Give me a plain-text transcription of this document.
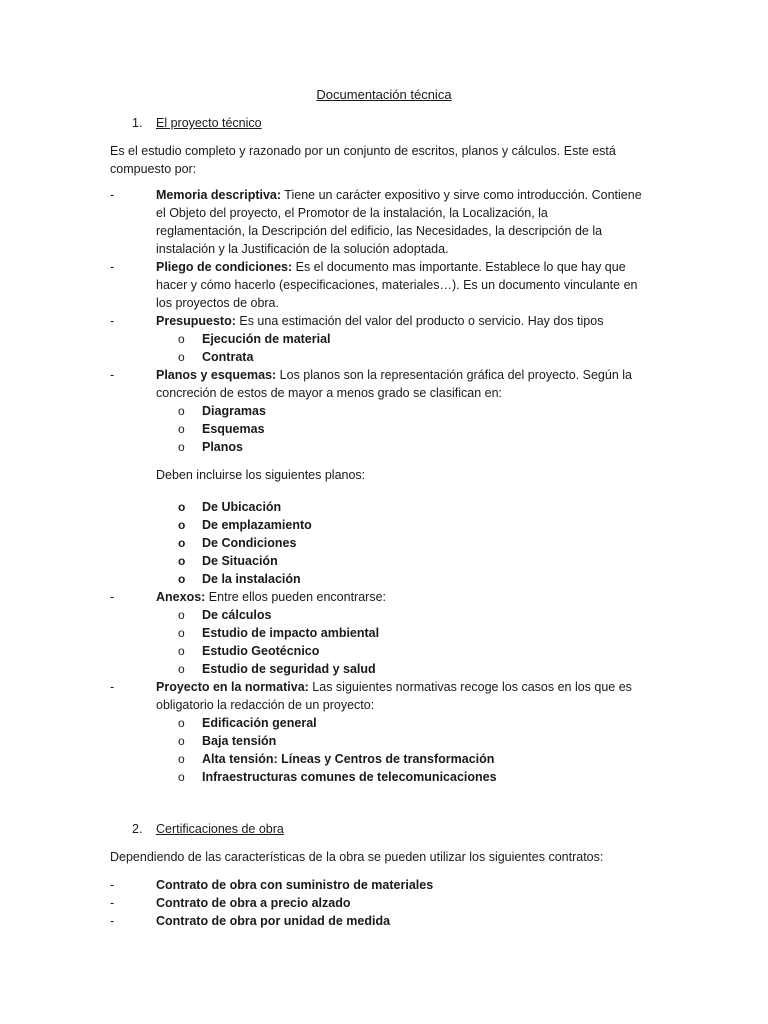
Documentación técnica
1.	El proyecto técnico
Es el estudio completo y razonado por un conjunto de escritos, planos y cálculos. Este está
compuesto por:
-	Memoria descriptiva: Tiene un carácter expositivo y sirve como introducción. Contiene
el Objeto del proyecto, el Promotor de la instalación, la Localización, la
reglamentación, la Descripción del edificio, las Necesidades, la descripción de la
instalación y la Justificación de la solución adoptada.
-	Pliego de condiciones: Es el documento mas importante. Establece lo que hay que
hacer y cómo hacerlo (especificaciones, materiales…). Es un documento vinculante en
los proyectos de obra.
-	Presupuesto: Es una estimación del valor del producto o servicio. Hay dos tipos
o	Ejecución de material
o	Contrata
-	Planos y esquemas: Los planos son la representación gráfica del proyecto. Según la
concreción de estos de mayor a menos grado se clasifican en:
o	Diagramas
o	Esquemas
o	Planos
Deben incluirse los siguientes planos:
o	De Ubicación
o	De emplazamiento
o	De Condiciones
o	De Situación
o	De la instalación
-	Anexos: Entre ellos pueden encontrarse:
o	De cálculos
o	Estudio de impacto ambiental
o	Estudio Geotécnico
o	Estudio de seguridad y salud
-	Proyecto en la normativa: Las siguientes normativas recoge los casos en los que es
obligatorio la redacción de un proyecto:
o	Edificación general
o	Baja tensión
o	Alta tensión: Líneas y Centros de transformación
o	Infraestructuras comunes de telecomunicaciones
2.	Certificaciones de obra
Dependiendo de las características de la obra se pueden utilizar los siguientes contratos:
-	Contrato de obra con suministro de materiales
-	Contrato de obra a precio alzado
-	Contrato de obra por unidad de medida
